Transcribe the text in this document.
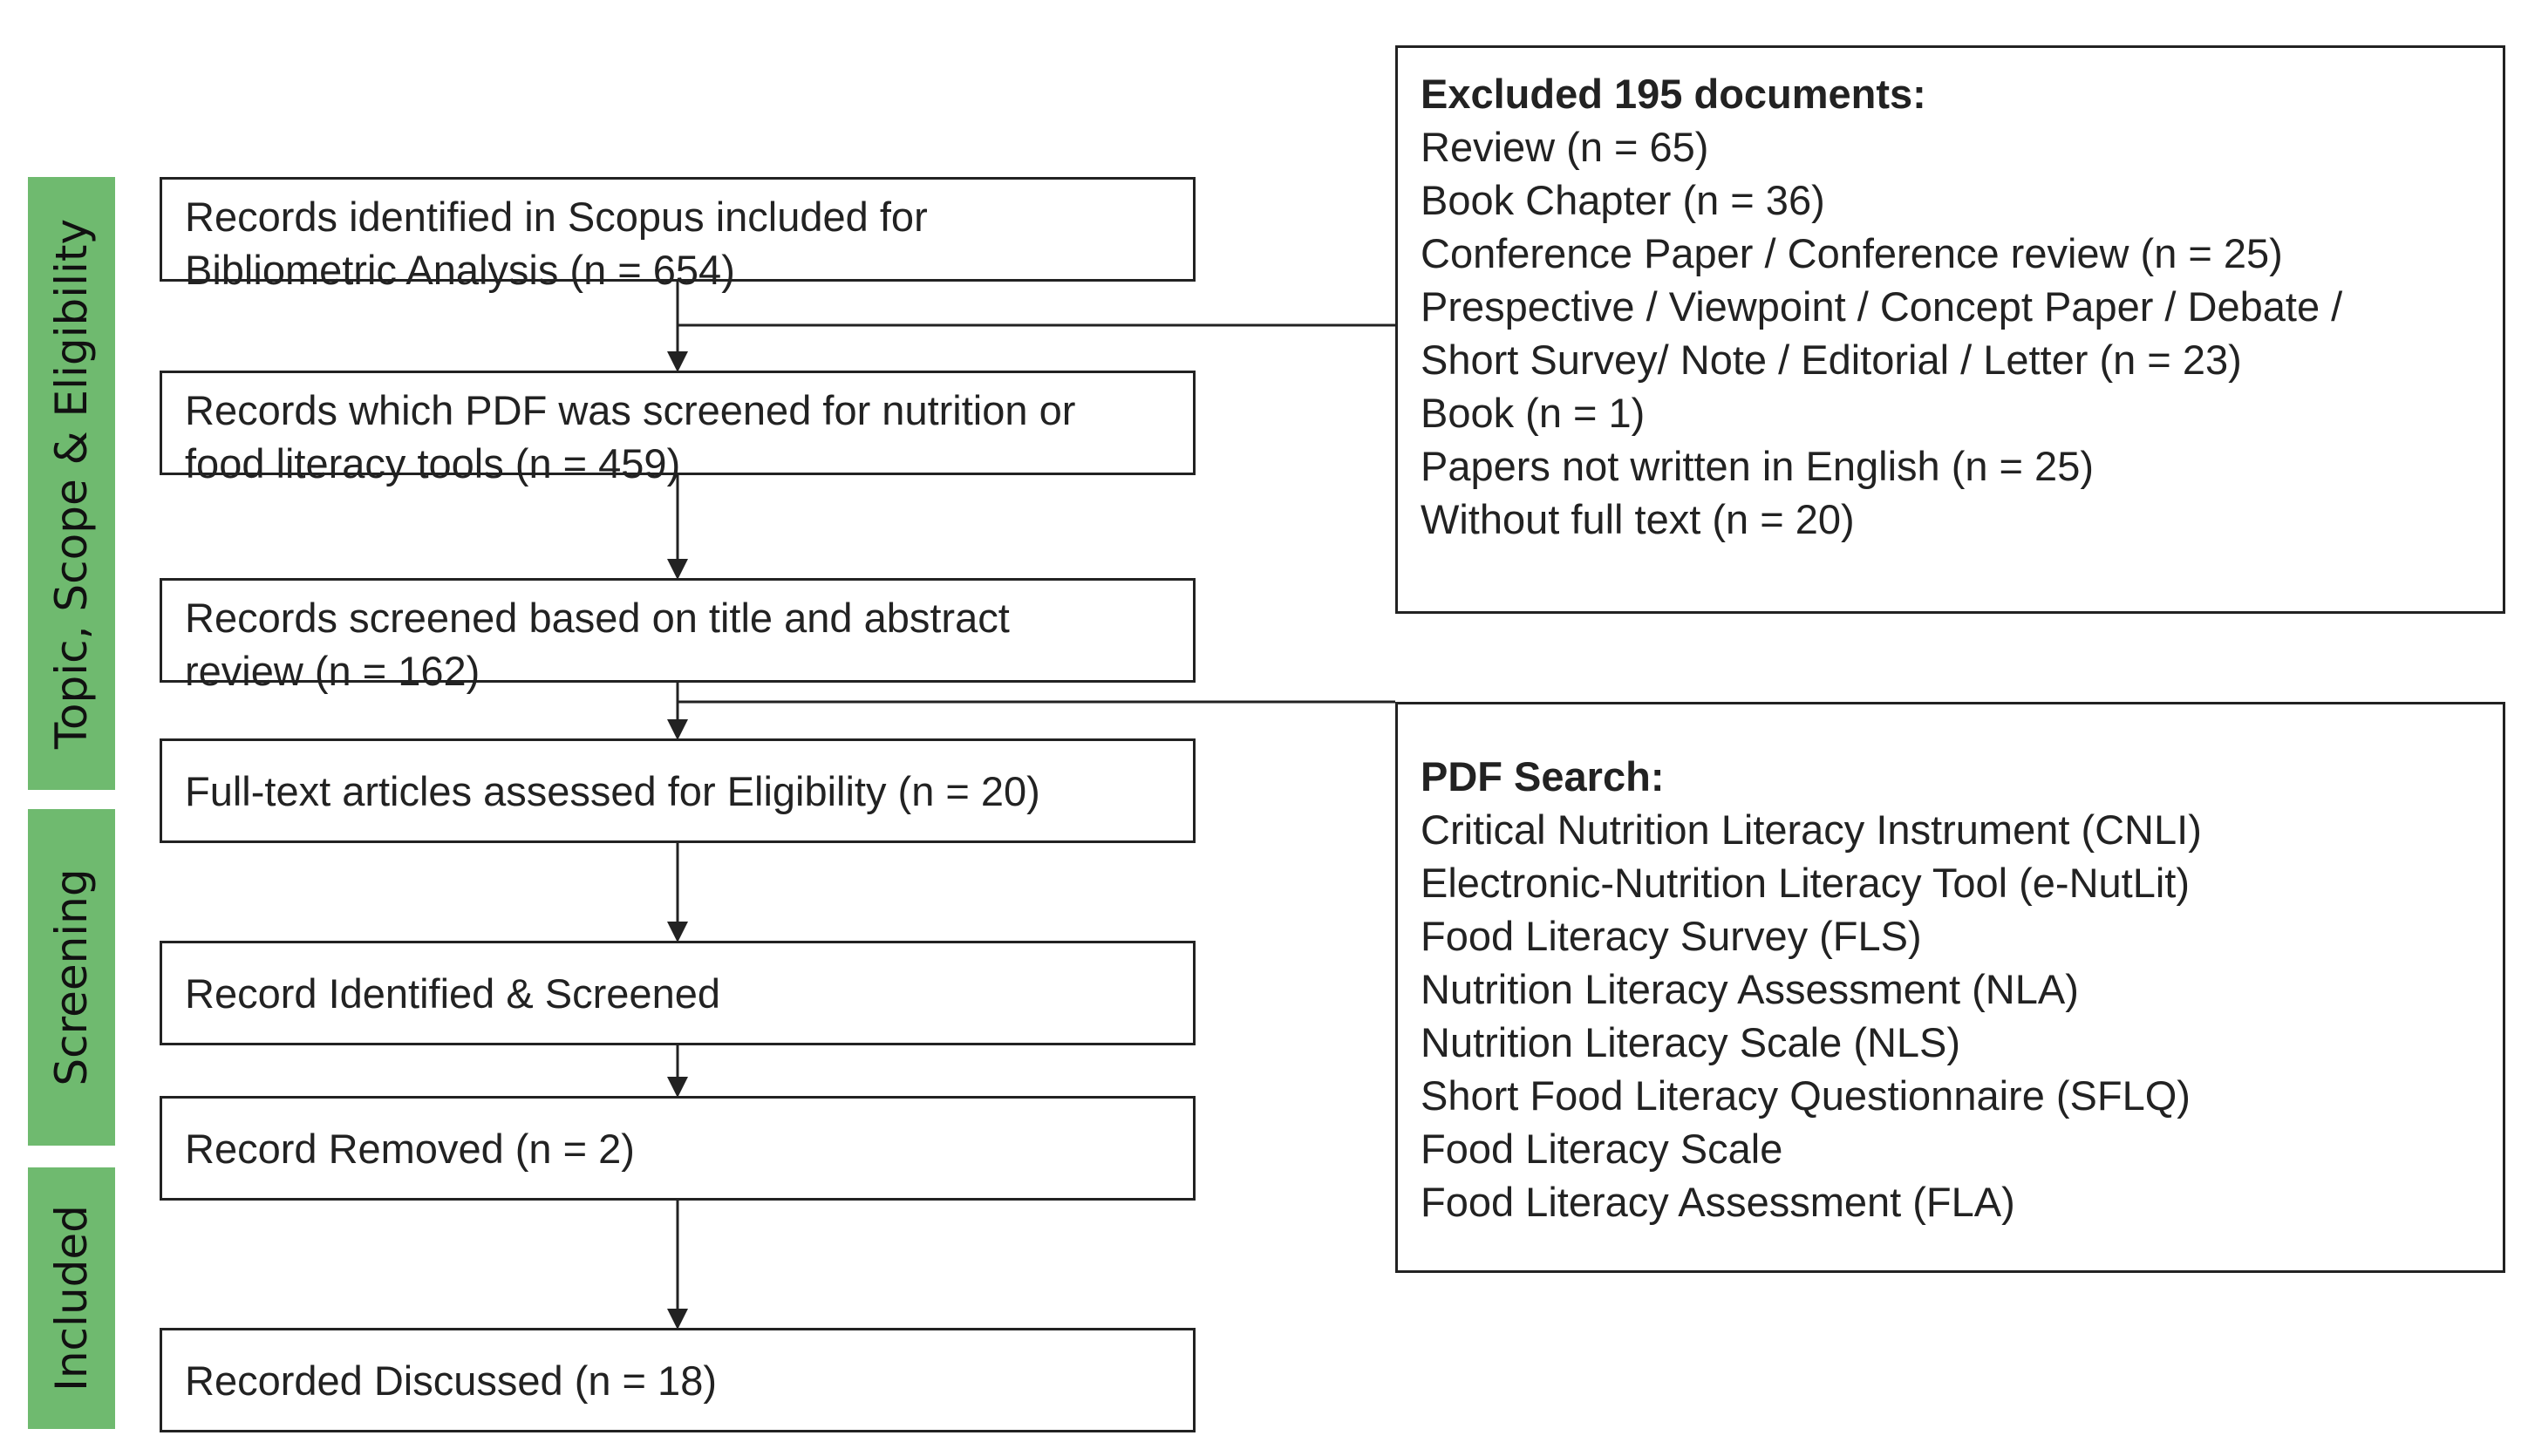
Topic, Scope & Eligibility
Screening
Included
Records identified in Scopus included for
Bibliometric Analysis (n = 654)
Records which PDF was screened for nutrition or
food literacy tools (n = 459)
Records screened based on title and abstract
review (n = 162)
Full-text articles assessed for Eligibility (n = 20)
Record Identified & Screened
Record Removed (n = 2)
Recorded Discussed (n = 18)
Excluded 195 documents:
Review (n = 65)
Book Chapter (n = 36)
Conference Paper / Conference review (n = 25)
Prespective / Viewpoint / Concept Paper / Debate /
Short Survey/ Note / Editorial / Letter (n = 23)
Book (n = 1)
Papers not written in English (n = 25)
Without full text (n = 20)
PDF Search:
Critical Nutrition Literacy Instrument (CNLI)
Electronic-Nutrition Literacy Tool (e-NutLit)
Food Literacy Survey (FLS)
Nutrition Literacy Assessment (NLA)
Nutrition Literacy Scale (NLS)
Short Food Literacy Questionnaire (SFLQ)
Food Literacy Scale
Food Literacy Assessment (FLA)
